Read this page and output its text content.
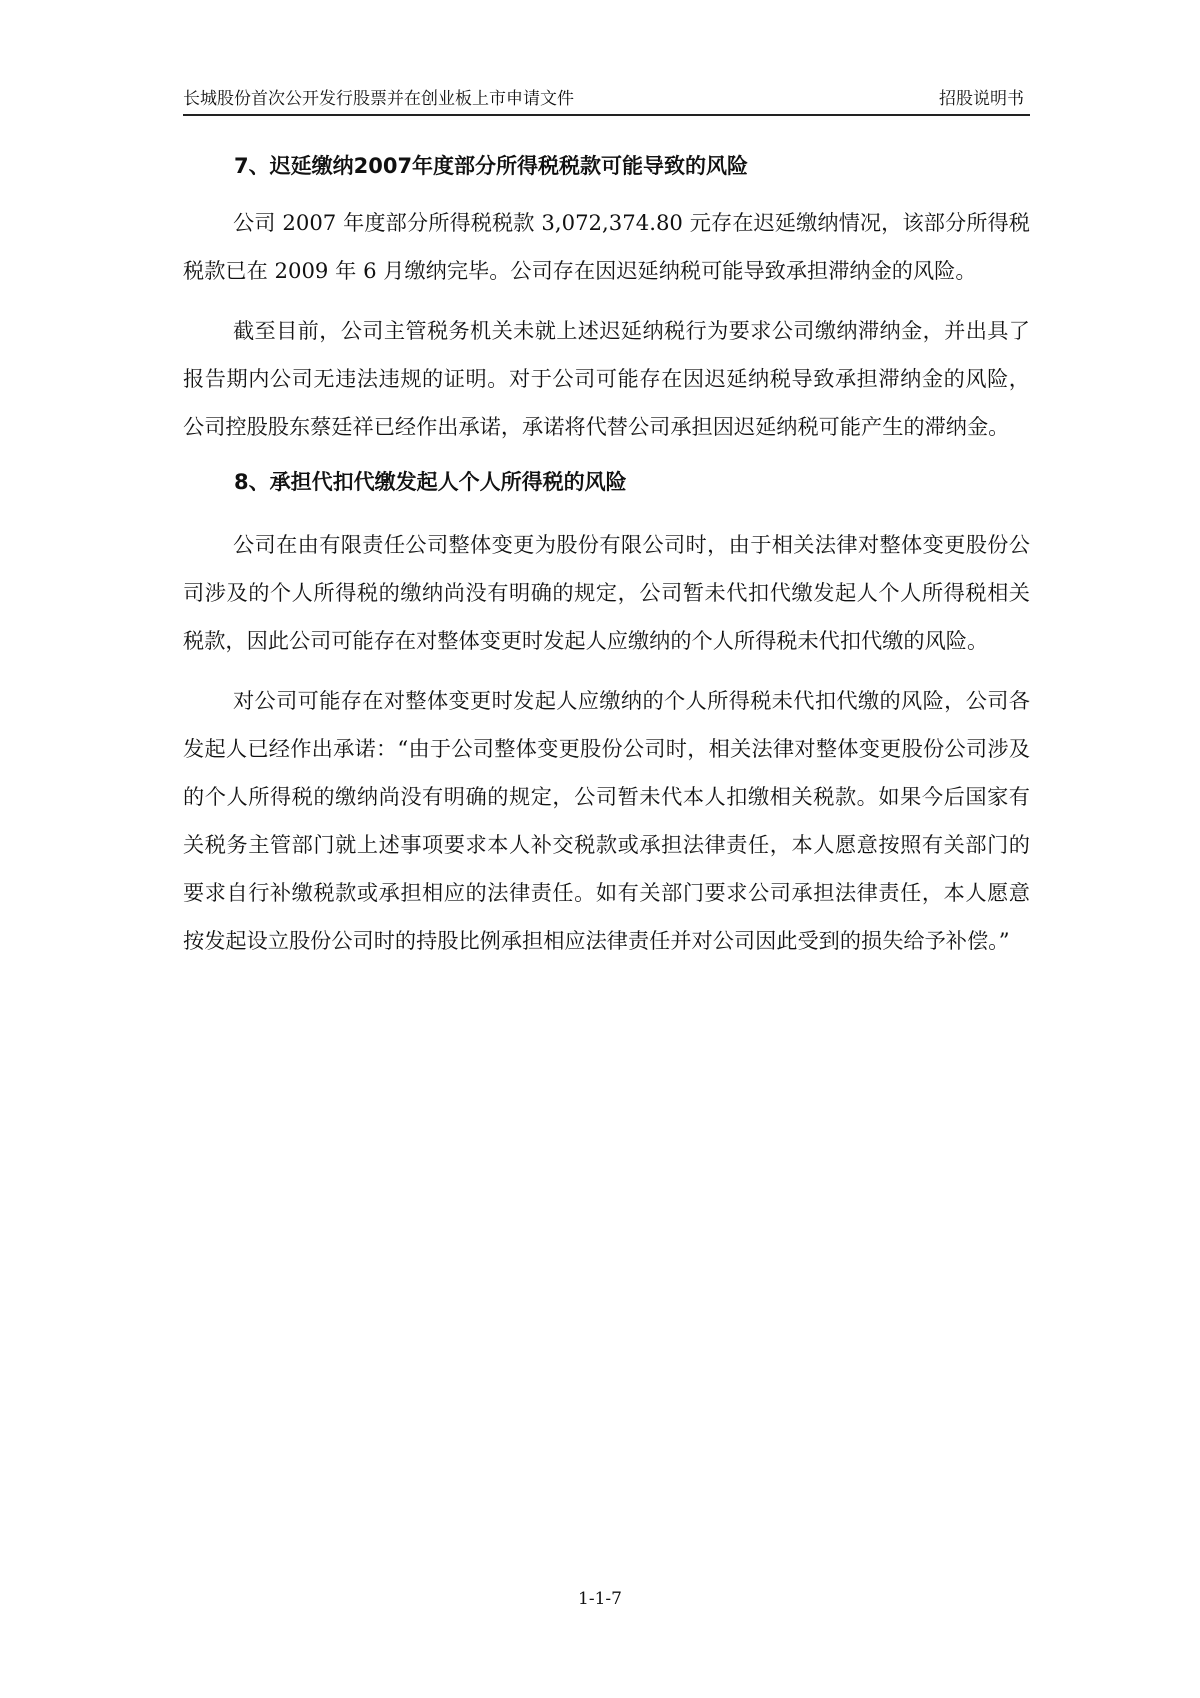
长城股份首次公开发行股票并在创业板上市申请文件	招股说明书
7、迟延缴纳2007年度部分所得税税款可能导致的风险
公司 2007 年度部分所得税税款 3,072,374.80 元存在迟延缴纳情况，该部分所得税税款已在 2009 年 6 月缴纳完毕。公司存在因迟延纳税可能导致承担滞纳金的风险。
截至目前，公司主管税务机关未就上述迟延纳税行为要求公司缴纳滞纳金，并出具了报告期内公司无违法违规的证明。对于公司可能存在因迟延纳税导致承担滞纳金的风险，公司控股股东蔡廷祥已经作出承诺，承诺将代替公司承担因迟延纳税可能产生的滞纳金。
8、承担代扣代缴发起人个人所得税的风险
公司在由有限责任公司整体变更为股份有限公司时，由于相关法律对整体变更股份公司涉及的个人所得税的缴纳尚没有明确的规定，公司暂未代扣代缴发起人个人所得税相关税款，因此公司可能存在对整体变更时发起人应缴纳的个人所得税未代扣代缴的风险。
对公司可能存在对整体变更时发起人应缴纳的个人所得税未代扣代缴的风险，公司各发起人已经作出承诺：“由于公司整体变更股份公司时，相关法律对整体变更股份公司涉及的个人所得税的缴纳尚没有明确的规定，公司暂未代本人扣缴相关税款。如果今后国家有关税务主管部门就上述事项要求本人补交税款或承担法律责任，本人愿意按照有关部门的要求自行补缴税款或承担相应的法律责任。如有关部门要求公司承担法律责任，本人愿意按发起设立股份公司时的持股比例承担相应法律责任并对公司因此受到的损失给予补偿。”
1-1-7
